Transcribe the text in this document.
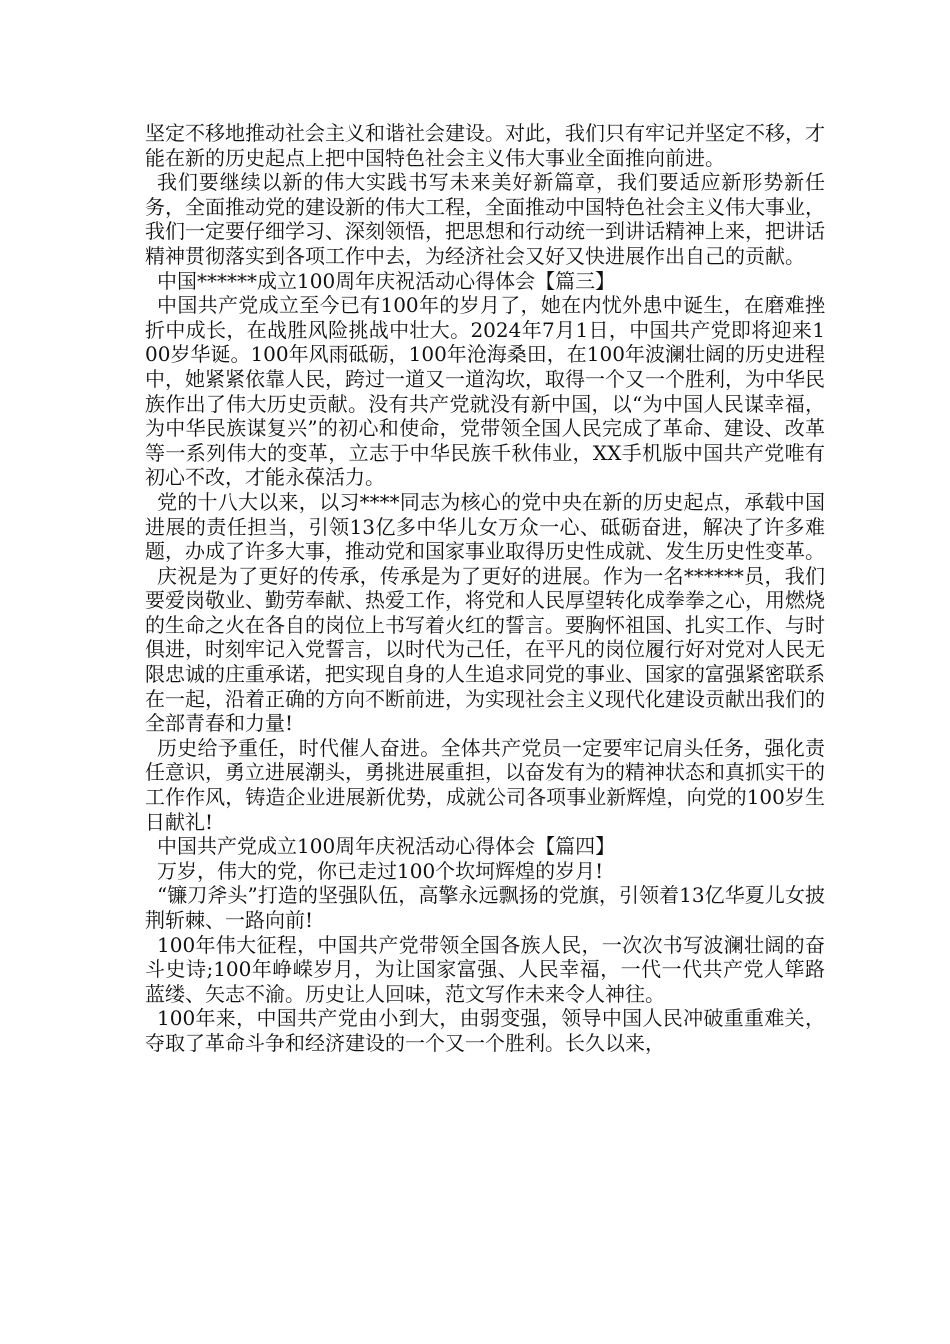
坚定不移地推动社会主义和谐社会建设。对此，我们只有牢记并坚定不移，才能在新的历史起点上把中国特色社会主义伟大事业全面推向前进。

我们要继续以新的伟大实践书写未来美好新篇章，我们要适应新形势新任务，全面推动党的建设新的伟大工程，全面推动中国特色社会主义伟大事业，我们一定要仔细学习、深刻领悟，把思想和行动统一到讲话精神上来，把讲话精神贯彻落实到各项工作中去，为经济社会又好又快进展作出自己的贡献。

中国******成立100周年庆祝活动心得体会【篇三】

中国共产党成立至今已有100年的岁月了，她在内忧外患中诞生，在磨难挫折中成长，在战胜风险挑战中壮大。2024年7月1日，中国共产党即将迎来100岁华诞。100年风雨砥砺，100年沧海桑田，在100年波澜壮阔的历史进程中，她紧紧依靠人民，跨过一道又一道沟坎，取得一个又一个胜利，为中华民族作出了伟大历史贡献。没有共产党就没有新中国，以“为中国人民谋幸福，为中华民族谋复兴”的初心和使命，党带领全国人民完成了革命、建设、改革等一系列伟大的变革，立志于中华民族千秋伟业，XX手机版中国共产党唯有初心不改，才能永葆活力。

党的十八大以来，以习****同志为核心的党中央在新的历史起点，承载中国进展的责任担当，引领13亿多中华儿女万众一心、砥砺奋进，解决了许多难题，办成了许多大事，推动党和国家事业取得历史性成就、发生历史性变革。

庆祝是为了更好的传承，传承是为了更好的进展。作为一名******员，我们要爱岗敬业、勤劳奉献、热爱工作，将党和人民厚望转化成拳拳之心，用燃烧的生命之火在各自的岗位上书写着火红的誓言。要胸怀祖国、扎实工作、与时俱进，时刻牢记入党誓言，以时代为己任，在平凡的岗位履行好对党对人民无限忠诚的庄重承诺，把实现自身的人生追求同党的事业、国家的富强紧密联系在一起，沿着正确的方向不断前进，为实现社会主义现代化建设贡献出我们的全部青春和力量!

历史给予重任，时代催人奋进。全体共产党员一定要牢记肩头任务，强化责任意识，勇立进展潮头，勇挑进展重担，以奋发有为的精神状态和真抓实干的工作作风，铸造企业进展新优势，成就公司各项事业新辉煌，向党的100岁生日献礼!

中国共产党成立100周年庆祝活动心得体会【篇四】

万岁，伟大的党，你已走过100个坎坷辉煌的岁月!

“镰刀斧头”打造的坚强队伍，高擎永远飘扬的党旗，引领着13亿华夏儿女披荆斩棘、一路向前!

100年伟大征程，中国共产党带领全国各族人民，一次次书写波澜壮阔的奋斗史诗;100年峥嵘岁月，为让国家富强、人民幸福，一代一代共产党人筚路蓝缕、矢志不渝。历史让人回味，范文写作未来令人神往。

100年来，中国共产党由小到大，由弱变强，领导中国人民冲破重重难关，夺取了革命斗争和经济建设的一个又一个胜利。长久以来，
